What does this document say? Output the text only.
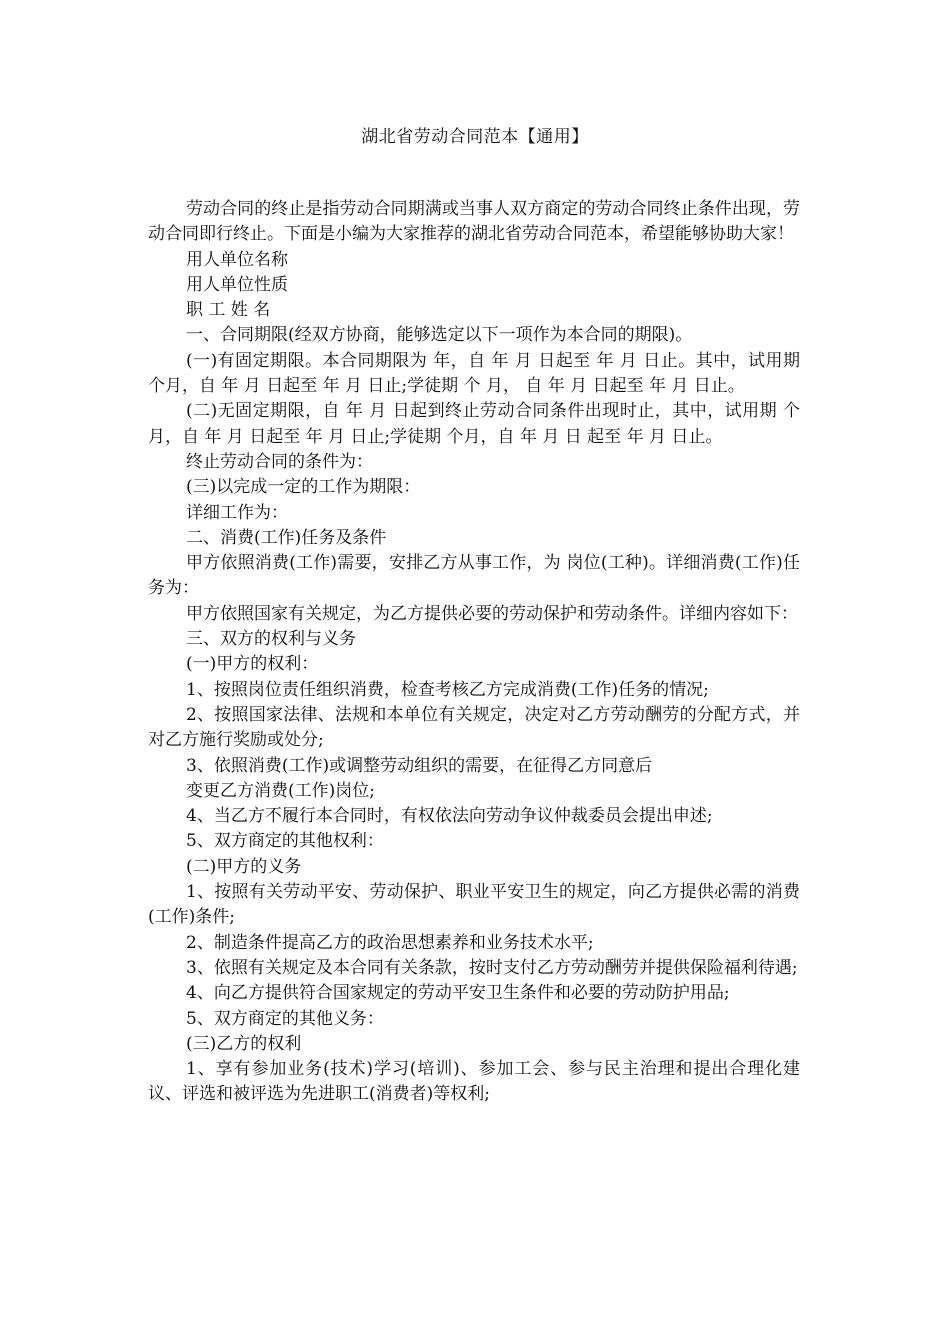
湖北省劳动合同范本【通用】

劳动合同的终止是指劳动合同期满或当事人双方商定的劳动合同终止条件出现，劳动合同即行终止。下面是小编为大家推荐的湖北省劳动合同范本，希望能够协助大家！

用人单位名称

用人单位性质

职 工 姓 名

一、合同期限(经双方协商，能够选定以下一项作为本合同的期限)。

(一)有固定期限。本合同期限为 年，自 年 月 日起至 年 月 日止。其中，试用期 个月，自 年 月 日起至 年 月 日止;学徒期 个 月， 自 年 月 日起至 年 月 日止。

(二)无固定期限，自 年 月 日起到终止劳动合同条件出现时止，其中，试用期 个月，自 年 月 日起至 年 月 日止;学徒期 个月，自 年 月 日 起至 年 月 日止。

终止劳动合同的条件为：

(三)以完成一定的工作为期限：

详细工作为：

二、消费(工作)任务及条件

甲方依照消费(工作)需要，安排乙方从事工作，为 岗位(工种)。详细消费(工作)任务为：

甲方依照国家有关规定，为乙方提供必要的劳动保护和劳动条件。详细内容如下：

三、双方的权利与义务

(一)甲方的权利：

1、按照岗位责任组织消费，检查考核乙方完成消费(工作)任务的情况;

2、按照国家法律、法规和本单位有关规定，决定对乙方劳动酬劳的分配方式，并对乙方施行奖励或处分;

3、依照消费(工作)或调整劳动组织的需要，在征得乙方同意后

变更乙方消费(工作)岗位;

4、当乙方不履行本合同时，有权依法向劳动争议仲裁委员会提出申述;

5、双方商定的其他权利：

(二)甲方的义务

1、按照有关劳动平安、劳动保护、职业平安卫生的规定，向乙方提供必需的消费(工作)条件;

2、制造条件提高乙方的政治思想素养和业务技术水平;

3、依照有关规定及本合同有关条款，按时支付乙方劳动酬劳并提供保险福利待遇;

4、向乙方提供符合国家规定的劳动平安卫生条件和必要的劳动防护用品;

5、双方商定的其他义务：

(三)乙方的权利

1、享有参加业务(技术)学习(培训)、参加工会、参与民主治理和提出合理化建议、评选和被评选为先进职工(消费者)等权利;
